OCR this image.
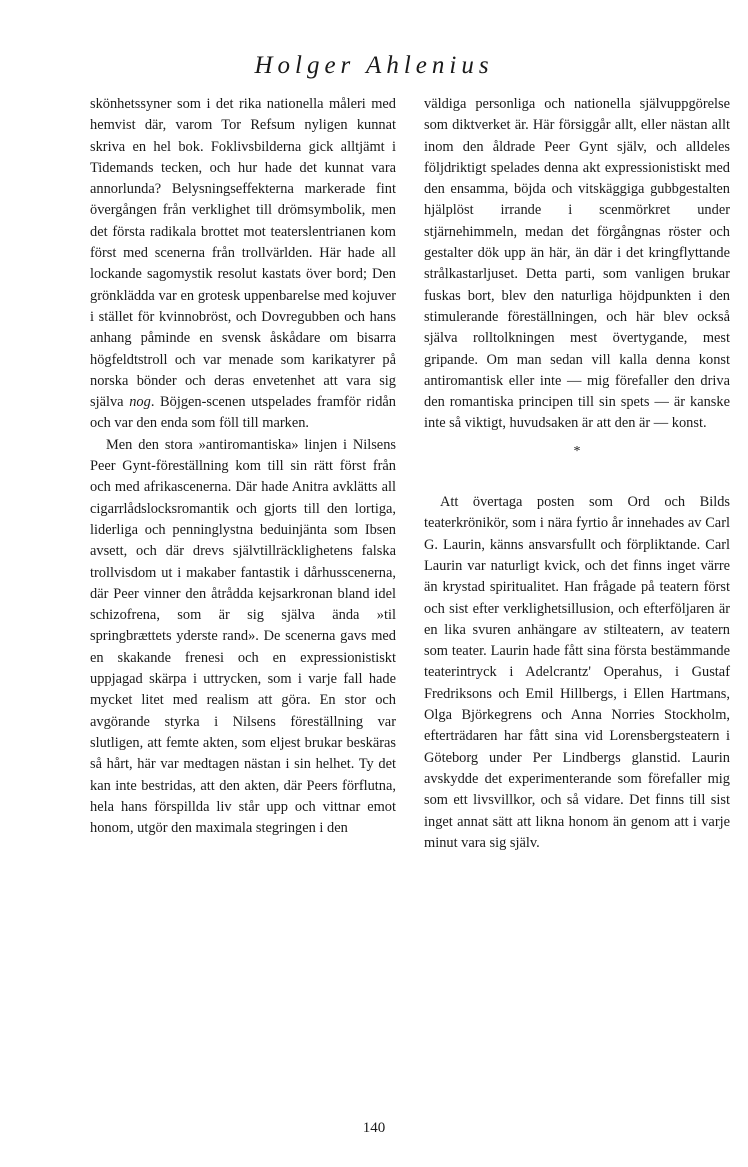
Holger Ahlenius

skönhetssyner som i det rika nationella måleri med hemvist där, varom Tor Refsum nyligen kunnat skriva en hel bok. Foklivsbilderna gick alltjämt i Tidemands tecken, och hur hade det kunnat vara annorlunda? Belysningseffekterna markerade fint övergången från verklighet till drömsymbolik, men det första radikala brottet mot teaterslentrianen kom först med scenerna från trollvärlden. Här hade all lockande sagomystik resolut kastats över bord; Den grönklädda var en grotesk uppenbarelse med kojuver i stället för kvinnobröst, och Dovregubben och hans anhang påminde en svensk åskådare om bisarra högfeldtstroll och var menade som karikatyrer på norska bönder och deras envetenhet att vara sig själva nog. Böjgen-scenen utspelades framför ridån och var den enda som föll till marken.

Men den stora »antiromantiska» linjen i Nilsens Peer Gynt-föreställning kom till sin rätt först från och med afrikascenerna. Där hade Anitra avklätts all cigarrlådslocksromantik och gjorts till den lortiga, liderliga och penninglystna beduinjänta som Ibsen avsett, och där drevs självtillräcklighetens falska trollvisdom ut i makaber fantastik i dårhusscenerna, där Peer vinner den åtrådda kejsarkronan bland idel schizofrena, som är sig själva ända »til springbrættets yderste rand». De scenerna gavs med en skakande frenesi och en expressionistiskt uppjagad skärpa i uttrycken, som i varje fall hade mycket litet med realism att göra. En stor och avgörande styrka i Nilsens föreställning var slutligen, att femte akten, som eljest brukar beskäras så hårt, här var medtagen nästan i sin helhet. Ty det kan inte bestridas, att den akten, där Peers förflutna, hela hans förspillda liv står upp och vittnar emot honom, utgör den maximala stegringen i den

väldiga personliga och nationella självuppgörelse som diktverket är. Här försiggår allt, eller nästan allt inom den åldrade Peer Gynt själv, och alldeles följdriktigt spelades denna akt expressionistiskt med den ensamma, böjda och vitskäggiga gubbgestalten hjälplöst irrande i scenmörkret under stjärnehimmeln, medan det förgångnas röster och gestalter dök upp än här, än där i det kringflyttande strålkastarljuset. Detta parti, som vanligen brukar fuskas bort, blev den naturliga höjdpunkten i den stimulerande föreställningen, och här blev också själva rolltolkningen mest övertygande, mest gripande. Om man sedan vill kalla denna konst antiromantisk eller inte — mig förefaller den driva den romantiska principen till sin spets — är kanske inte så viktigt, huvudsaken är att den är — konst.

*

Att övertaga posten som Ord och Bilds teaterkrönikör, som i nära fyrtio år innehades av Carl G. Laurin, känns ansvarsfullt och förpliktande. Carl Laurin var naturligt kvick, och det finns inget värre än krystad spiritualitet. Han frågade på teatern först och sist efter verklighetsillusion, och efterföljaren är en lika svuren anhängare av stilteatern, av teatern som teater. Laurin hade fått sina första bestämmande teaterintryck i Adelcrantz' Operahus, i Gustaf Fredriksons och Emil Hillbergs, i Ellen Hartmans, Olga Björkegrens och Anna Norries Stockholm, efterträdaren har fått sina vid Lorensbergsteatern i Göteborg under Per Lindbergs glanstid. Laurin avskydde det experimenterande som förefaller mig som ett livsvillkor, och så vidare. Det finns till sist inget annat sätt att likna honom än genom att i varje minut vara sig själv.

140
